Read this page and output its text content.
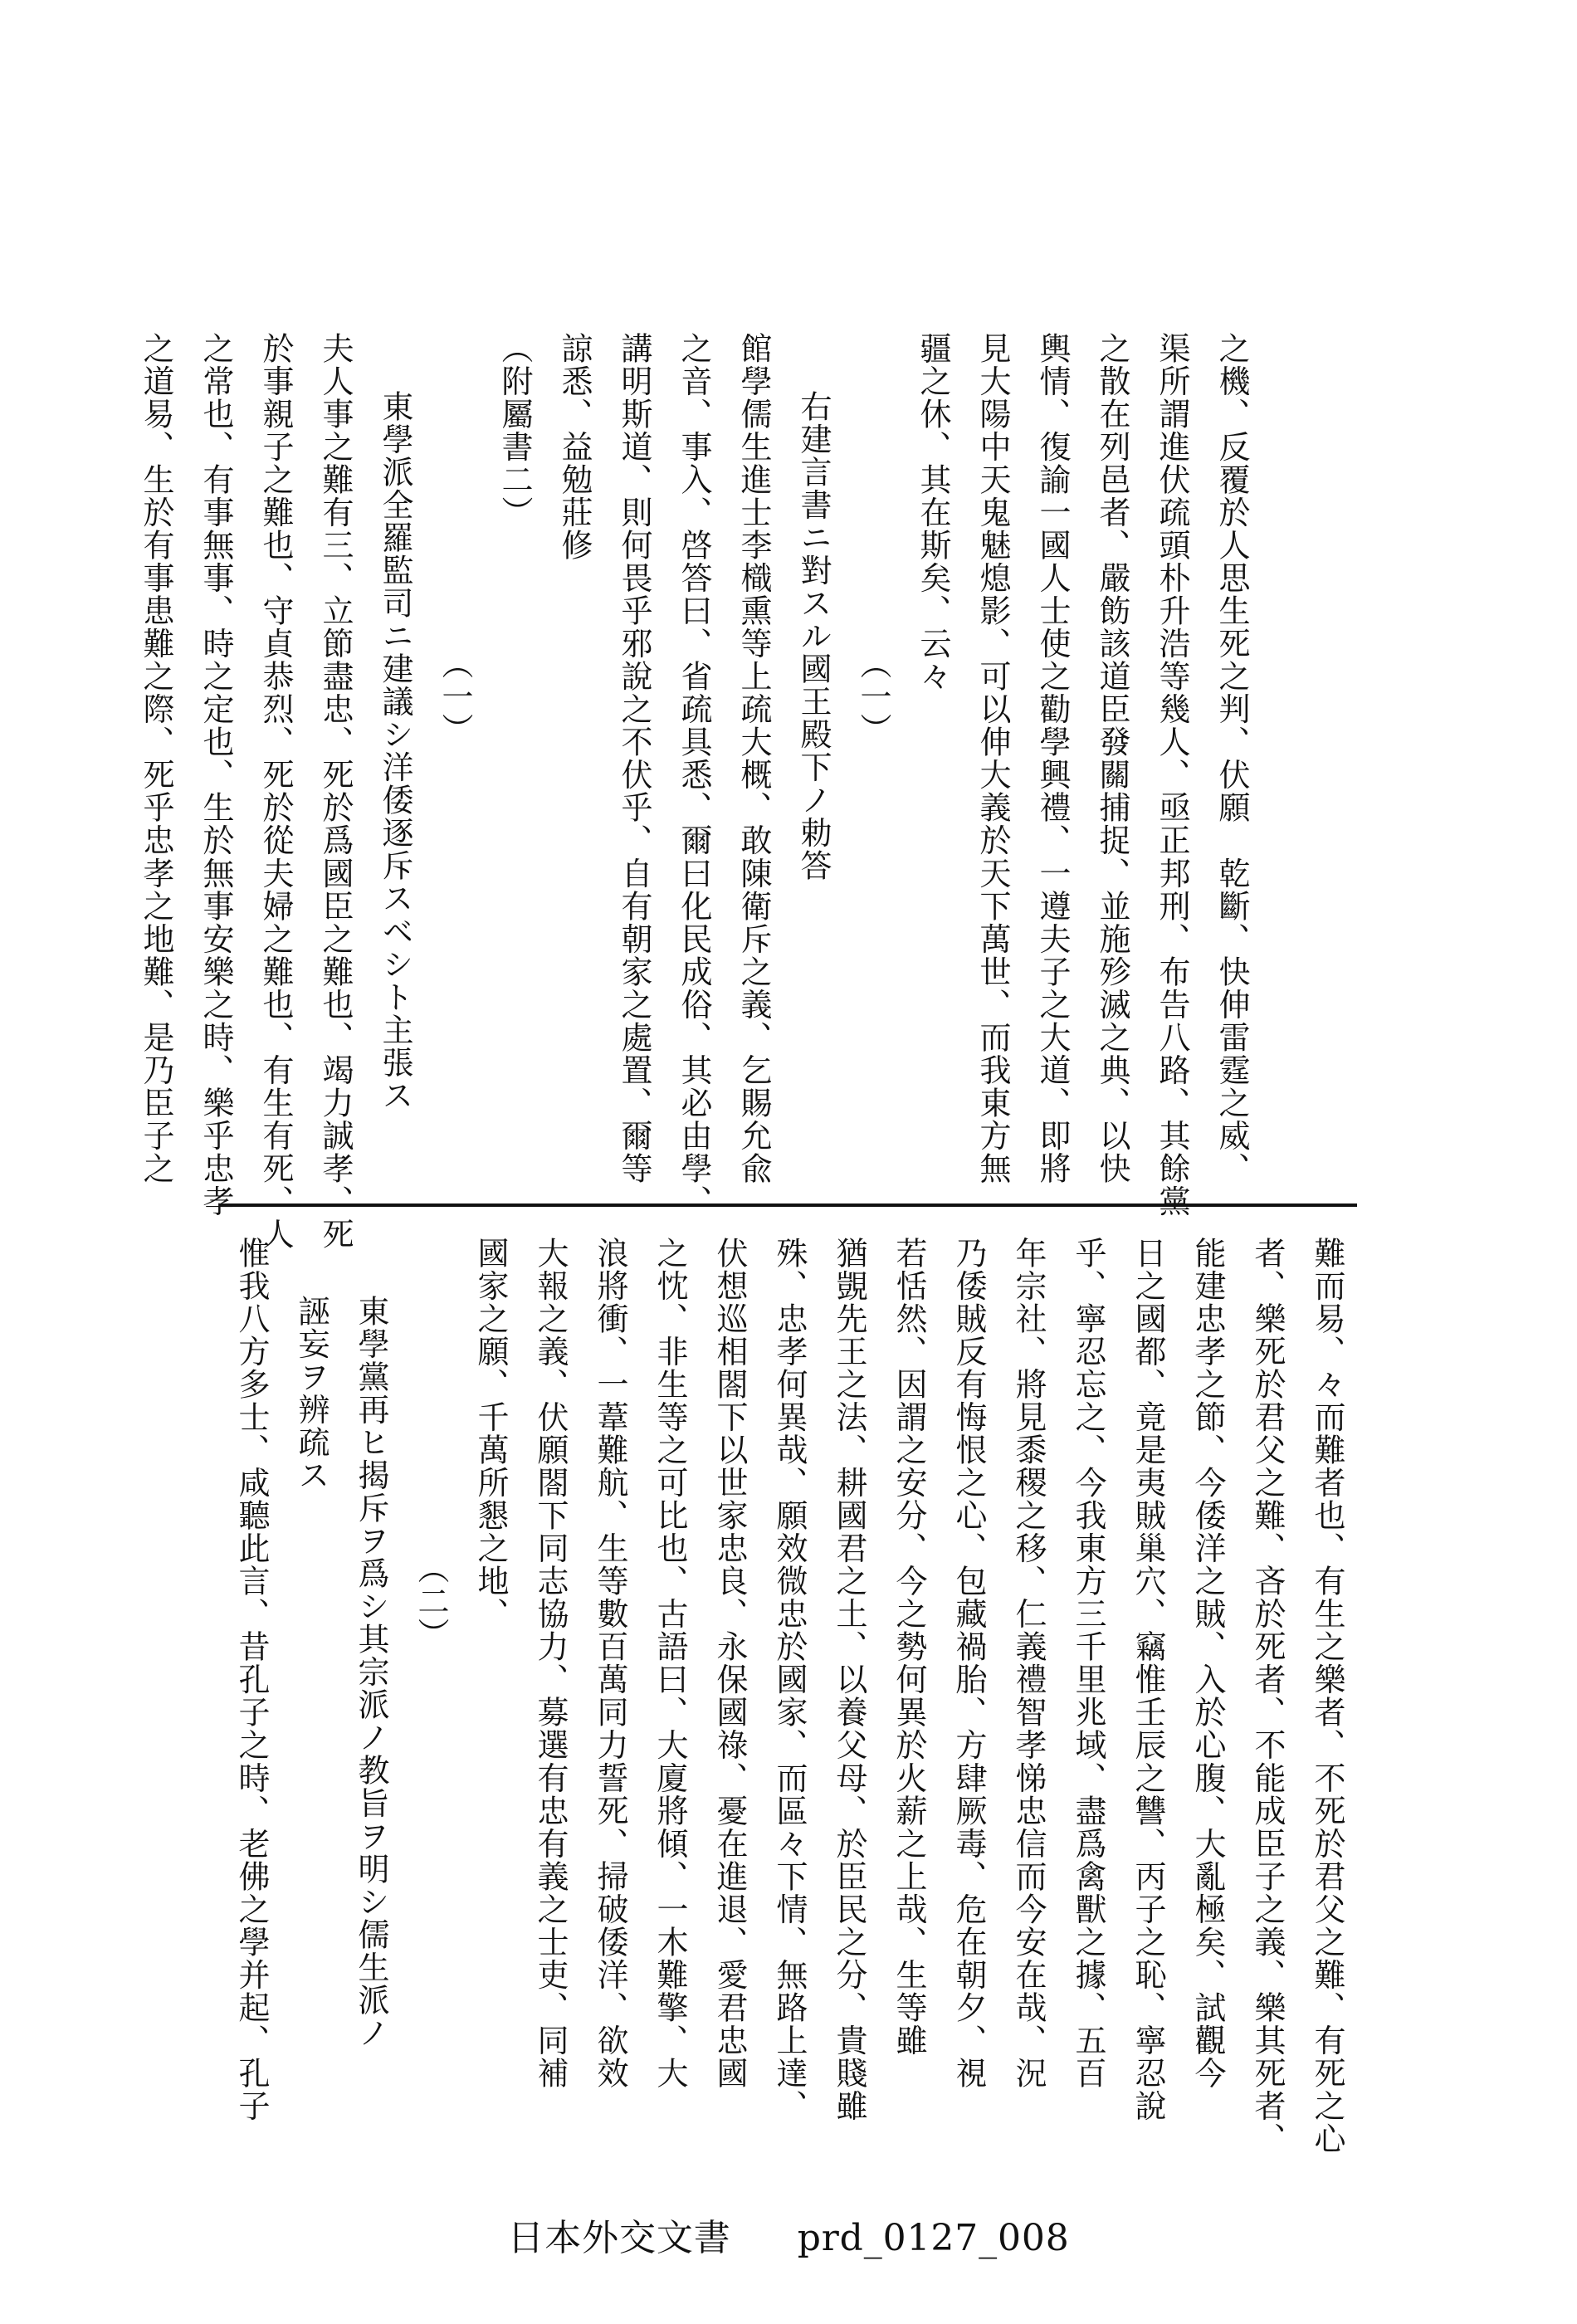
之機、反覆於人思生死之判、伏願　乾斷、快伸雷霆之威、
渠所謂進伏疏頭朴升浩等幾人、亟正邦刑、布告八路、其餘黨
之散在列邑者、嚴飭該道臣發關捕捉、並施殄滅之典、以快
輿情、復諭一國人士使之勸學興禮、一遵夫子之大道、即將
見大陽中天鬼魅熄影、可以伸大義於天下萬世、而我東方無
疆之休、其在斯矣、云々
（一）
右建言書ニ對スル國王殿下ノ勅答
館學儒生進士李樴熏等上疏大概、敢陳衛斥之義、乞賜允兪
之音、事入、啓答曰、省疏具悉、爾曰化民成俗、其必由學、
講明斯道、則何畏乎邪說之不伏乎、自有朝家之處置、爾等
諒悉、益勉莊修
（附屬書二）
（一）
東學派全羅監司ニ建議シ洋倭逐斥スベシト主張ス
夫人事之難有三、立節盡忠、死於爲國臣之難也、竭力誠孝、死
於事親子之難也、守貞恭烈、死於從夫婦之難也、有生有死、人
之常也、有事無事、時之定也、生於無事安樂之時、樂乎忠孝
之道易、生於有事患難之際、死乎忠孝之地難、是乃臣子之
難而易、々而難者也、有生之樂者、不死於君父之難、有死之心
者、樂死於君父之難、吝於死者、不能成臣子之義、樂其死者、
能建忠孝之節、今倭洋之賊、入於心腹、大亂極矣、試觀今
日之國都、竟是夷賊巢穴、竊惟壬辰之讐、丙子之恥、寧忍說
乎、寧忍忘之、今我東方三千里兆域、盡爲禽獸之據、五百
年宗社、將見黍稷之移、仁義禮智孝悌忠信而今安在哉、況
乃倭賊反有悔恨之心、包藏禍胎、方肆厥毒、危在朝夕、視
若恬然、因謂之安分、今之勢何異於火薪之上哉、生等雖
猶覬先王之法、耕國君之土、以養父母、於臣民之分、貴賤雖
殊、忠孝何異哉、願效微忠於國家、而區々下情、無路上達、
伏想巡相閤下以世家忠良、永保國祿、憂在進退、愛君忠國
之忱、非生等之可比也、古語曰、大廈將傾、一木難擎、大
浪將衝、一葦難航、生等數百萬同力誓死、掃破倭洋、欲效
大報之義、伏願閤下同志協力、募選有忠有義之士吏、同補
國家之願、千萬所懇之地、
（二）
東學黨再ヒ揭斥ヲ爲シ其宗派ノ教旨ヲ明シ儒生派ノ
誣妄ヲ辨疏ス
惟我八方多士、咸聽此言、昔孔子之時、老佛之學并起、孔子
日本外交文書 prd_0127_008
